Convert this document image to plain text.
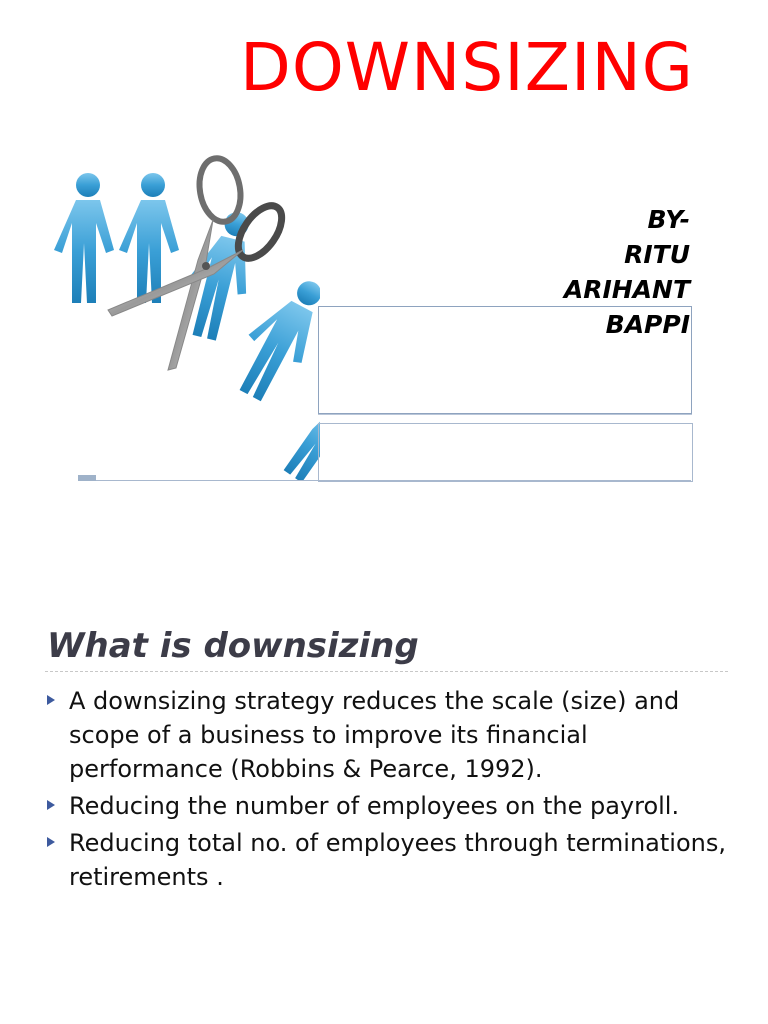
DOWNSIZING
BY-
RITU
ARIHANT
BAPPI
What is downsizing
A downsizing strategy reduces the scale (size) and scope of a business to improve its financial performance (Robbins & Pearce, 1992).
Reducing the number of employees on the payroll.
Reducing total no. of employees through terminations, retirements .
